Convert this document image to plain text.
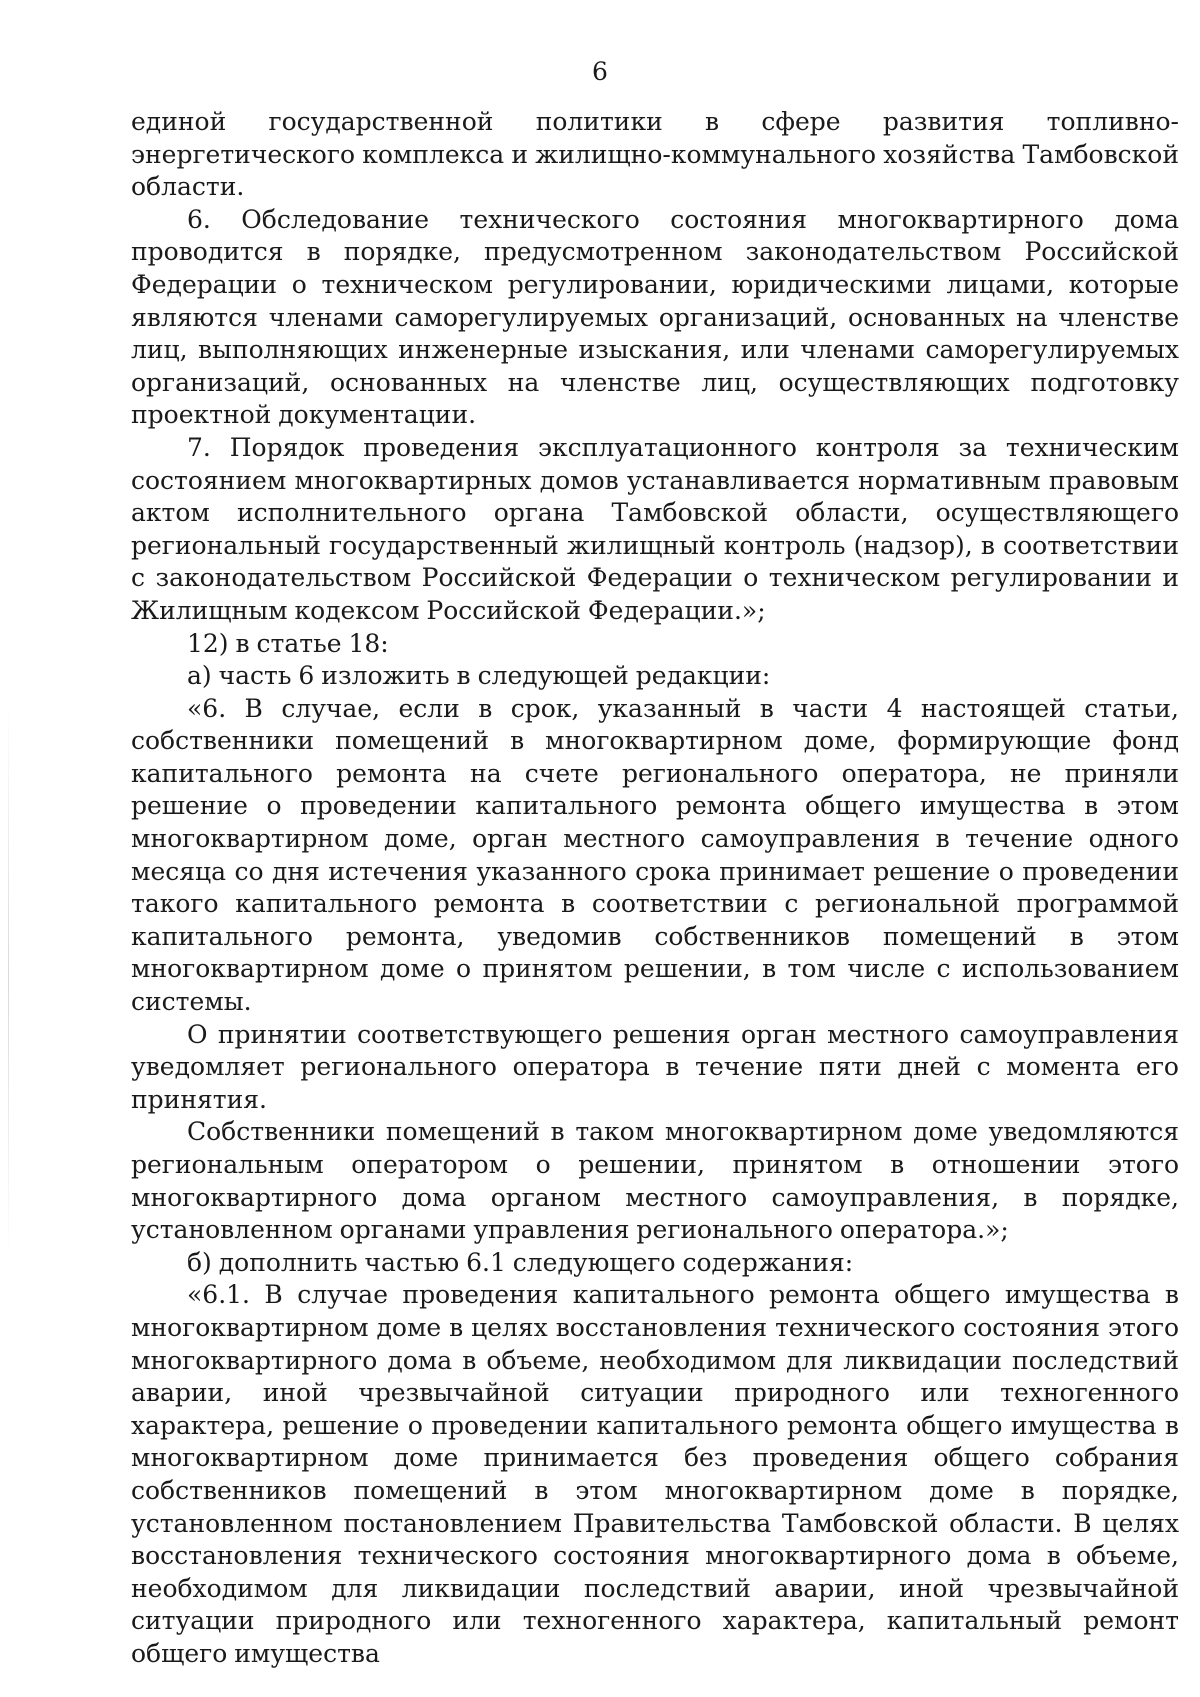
6

единой государственной политики в сфере развития топливно-энергетического комплекса и жилищно-коммунального хозяйства Тамбовской области.

6. Обследование технического состояния многоквартирного дома проводится в порядке, предусмотренном законодательством Российской Федерации о техническом регулировании, юридическими лицами, которые являются членами саморегулируемых организаций, основанных на членстве лиц, выполняющих инженерные изыскания, или членами саморегулируемых организаций, основанных на членстве лиц, осуществляющих подготовку проектной документации.

7. Порядок проведения эксплуатационного контроля за техническим состоянием многоквартирных домов устанавливается нормативным правовым актом исполнительного органа Тамбовской области, осуществляющего региональный государственный жилищный контроль (надзор), в соответствии с законодательством Российской Федерации о техническом регулировании и Жилищным кодексом Российской Федерации.»;

12) в статье 18:

а) часть 6 изложить в следующей редакции:

«6. В случае, если в срок, указанный в части 4 настоящей статьи, собственники помещений в многоквартирном доме, формирующие фонд капитального ремонта на счете регионального оператора, не приняли решение о проведении капитального ремонта общего имущества в этом многоквартирном доме, орган местного самоуправления в течение одного месяца со дня истечения указанного срока принимает решение о проведении такого капитального ремонта в соответствии с региональной программой капитального ремонта, уведомив собственников помещений в этом многоквартирном доме о принятом решении, в том числе с использованием системы.

О принятии соответствующего решения орган местного самоуправления уведомляет регионального оператора в течение пяти дней с момента его принятия.

Собственники помещений в таком многоквартирном доме уведомляются региональным оператором о решении, принятом в отношении этого многоквартирного дома органом местного самоуправления, в порядке, установленном органами управления регионального оператора.»;

б) дополнить частью 6.1 следующего содержания:

«6.1. В случае проведения капитального ремонта общего имущества в многоквартирном доме в целях восстановления технического состояния этого многоквартирного дома в объеме, необходимом для ликвидации последствий аварии, иной чрезвычайной ситуации природного или техногенного характера, решение о проведении капитального ремонта общего имущества в многоквартирном доме принимается без проведения общего собрания собственников помещений в этом многоквартирном доме в порядке, установленном постановлением Правительства Тамбовской области. В целях восстановления технического состояния многоквартирного дома в объеме, необходимом для ликвидации последствий аварии, иной чрезвычайной ситуации природного или техногенного характера, капитальный ремонт общего имущества
